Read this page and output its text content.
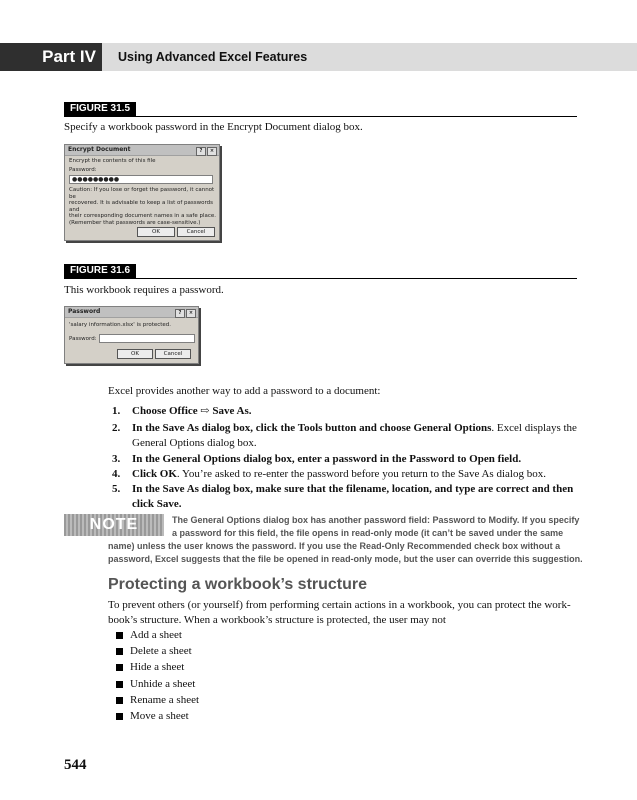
Part IV	Using Advanced Excel Features
FIGURE 31.5
Specify a workbook password in the Encrypt Document dialog box.
Encrypt Document	? ×
Encrypt the contents of this file
Password:
●●●●●●●●●
Caution: If you lose or forget the password, it cannot be
recovered. It is advisable to keep a list of passwords and
their corresponding document names in a safe place.
(Remember that passwords are case-sensitive.)
OK	Cancel
FIGURE 31.6
This workbook requires a password.
Password	? ×
'salary information.xlsx' is protected.
Password:
OK	Cancel
Excel provides another way to add a password to a document:
1. Choose Office ⇨ Save As.
2. In the Save As dialog box, click the Tools button and choose General Options. Excel displays the General Options dialog box.
3. In the General Options dialog box, enter a password in the Password to Open field.
4. Click OK. You’re asked to re-enter the password before you return to the Save As dialog box.
5. In the Save As dialog box, make sure that the filename, location, and type are correct and then click Save.
NOTE	The General Options dialog box has another password field: Password to Modify. If you specify
a password for this field, the file opens in read-only mode (it can’t be saved under the same
name) unless the user knows the password. If you use the Read-Only Recommended check box without a
password, Excel suggests that the file be opened in read-only mode, but the user can override this suggestion.
Protecting a workbook’s structure
To prevent others (or yourself) from performing certain actions in a workbook, you can protect the work-
book’s structure. When a workbook’s structure is protected, the user may not
Add a sheet
Delete a sheet
Hide a sheet
Unhide a sheet
Rename a sheet
Move a sheet
544
